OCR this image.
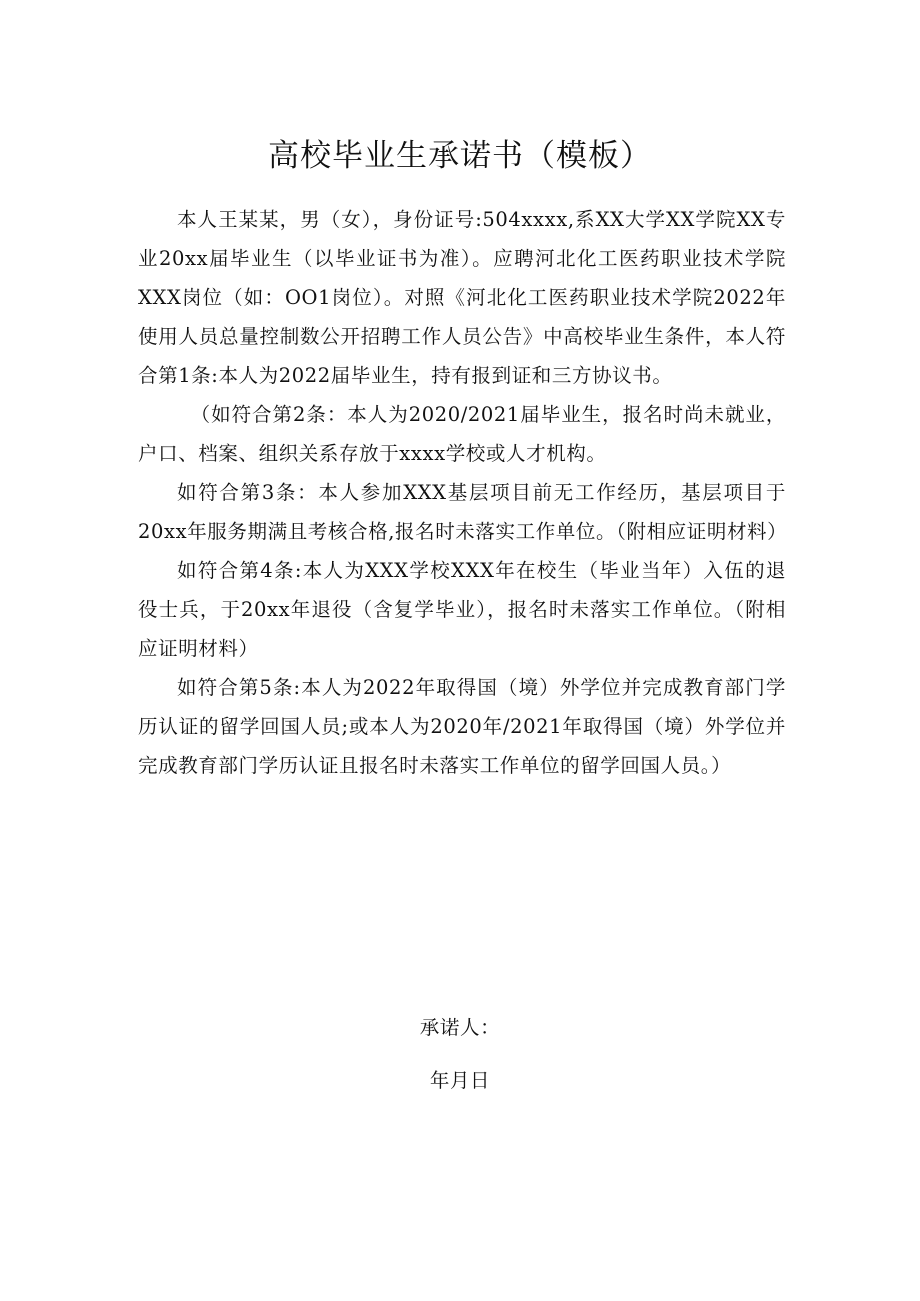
高校毕业生承诺书（模板）

本人王某某，男（女），身份证号:504xxxx,系XX大学XX学院XX专业20xx届毕业生（以毕业证书为准）。应聘河北化工医药职业技术学院XXX岗位（如：OO1岗位）。对照《河北化工医药职业技术学院2022年使用人员总量控制数公开招聘工作人员公告》中高校毕业生条件，本人符合第1条:本人为2022届毕业生，持有报到证和三方协议书。

（如符合第2条：本人为2020/2021届毕业生，报名时尚未就业，户口、档案、组织关系存放于xxxx学校或人才机构。

如符合第3条：本人参加XXX基层项目前无工作经历，基层项目于20xx年服务期满且考核合格,报名时未落实工作单位。（附相应证明材料）

如符合第4条:本人为XXX学校XXX年在校生（毕业当年）入伍的退役士兵，于20xx年退役（含复学毕业），报名时未落实工作单位。（附相应证明材料）

如符合第5条:本人为2022年取得国（境）外学位并完成教育部门学历认证的留学回国人员;或本人为2020年/2021年取得国（境）外学位并完成教育部门学历认证且报名时未落实工作单位的留学回国人员。）

承诺人：
年月日
